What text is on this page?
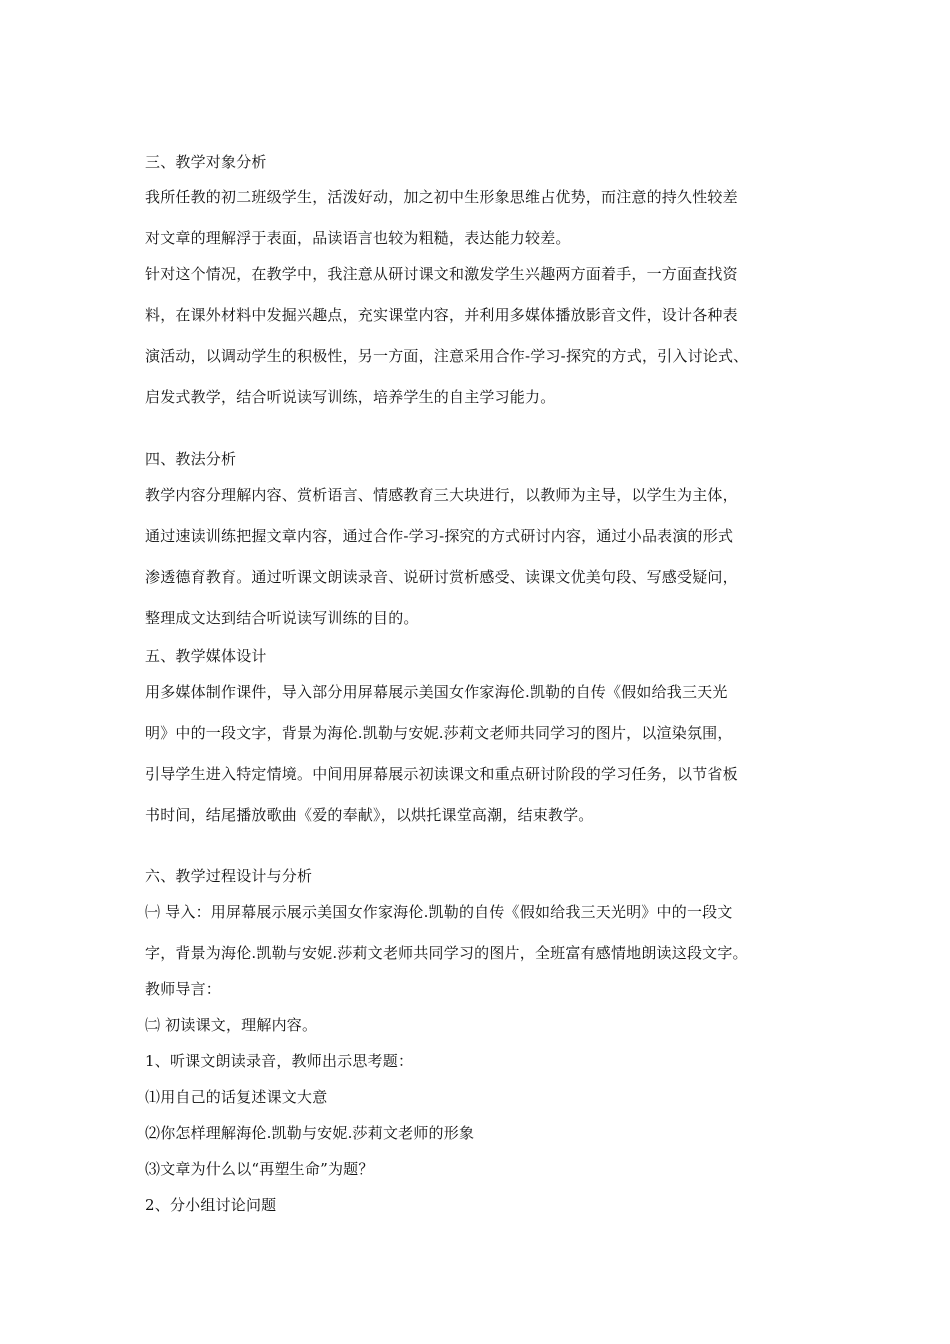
三、教学对象分析
我所任教的初二班级学生，活泼好动，加之初中生形象思维占优势，而注意的持久性较差
对文章的理解浮于表面，品读语言也较为粗糙，表达能力较差。
针对这个情况，在教学中，我注意从研讨课文和激发学生兴趣两方面着手，一方面查找资
料，在课外材料中发掘兴趣点，充实课堂内容，并利用多媒体播放影音文件，设计各种表
演活动，以调动学生的积极性，另一方面，注意采用合作-学习-探究的方式，引入讨论式、
启发式教学，结合听说读写训练，培养学生的自主学习能力。
四、教法分析
教学内容分理解内容、赏析语言、情感教育三大块进行，以教师为主导，以学生为主体，
通过速读训练把握文章内容，通过合作-学习-探究的方式研讨内容，通过小品表演的形式
渗透德育教育。通过听课文朗读录音、说研讨赏析感受、读课文优美句段、写感受疑问，
整理成文达到结合听说读写训练的目的。
五、教学媒体设计
用多媒体制作课件，导入部分用屏幕展示美国女作家海伦.凯勒的自传《假如给我三天光
明》中的一段文字，背景为海伦.凯勒与安妮.莎莉文老师共同学习的图片，以渲染氛围，
引导学生进入特定情境。中间用屏幕展示初读课文和重点研讨阶段的学习任务，以节省板
书时间，结尾播放歌曲《爱的奉献》，以烘托课堂高潮，结束教学。
六、教学过程设计与分析
㈠ 导入：用屏幕展示展示美国女作家海伦.凯勒的自传《假如给我三天光明》中的一段文
字，背景为海伦.凯勒与安妮.莎莉文老师共同学习的图片，全班富有感情地朗读这段文字。
教师导言：
㈡ 初读课文，理解内容。
1、听课文朗读录音，教师出示思考题：
⑴用自己的话复述课文大意
⑵你怎样理解海伦.凯勒与安妮.莎莉文老师的形象
⑶文章为什么以“再塑生命”为题？
2、分小组讨论问题
